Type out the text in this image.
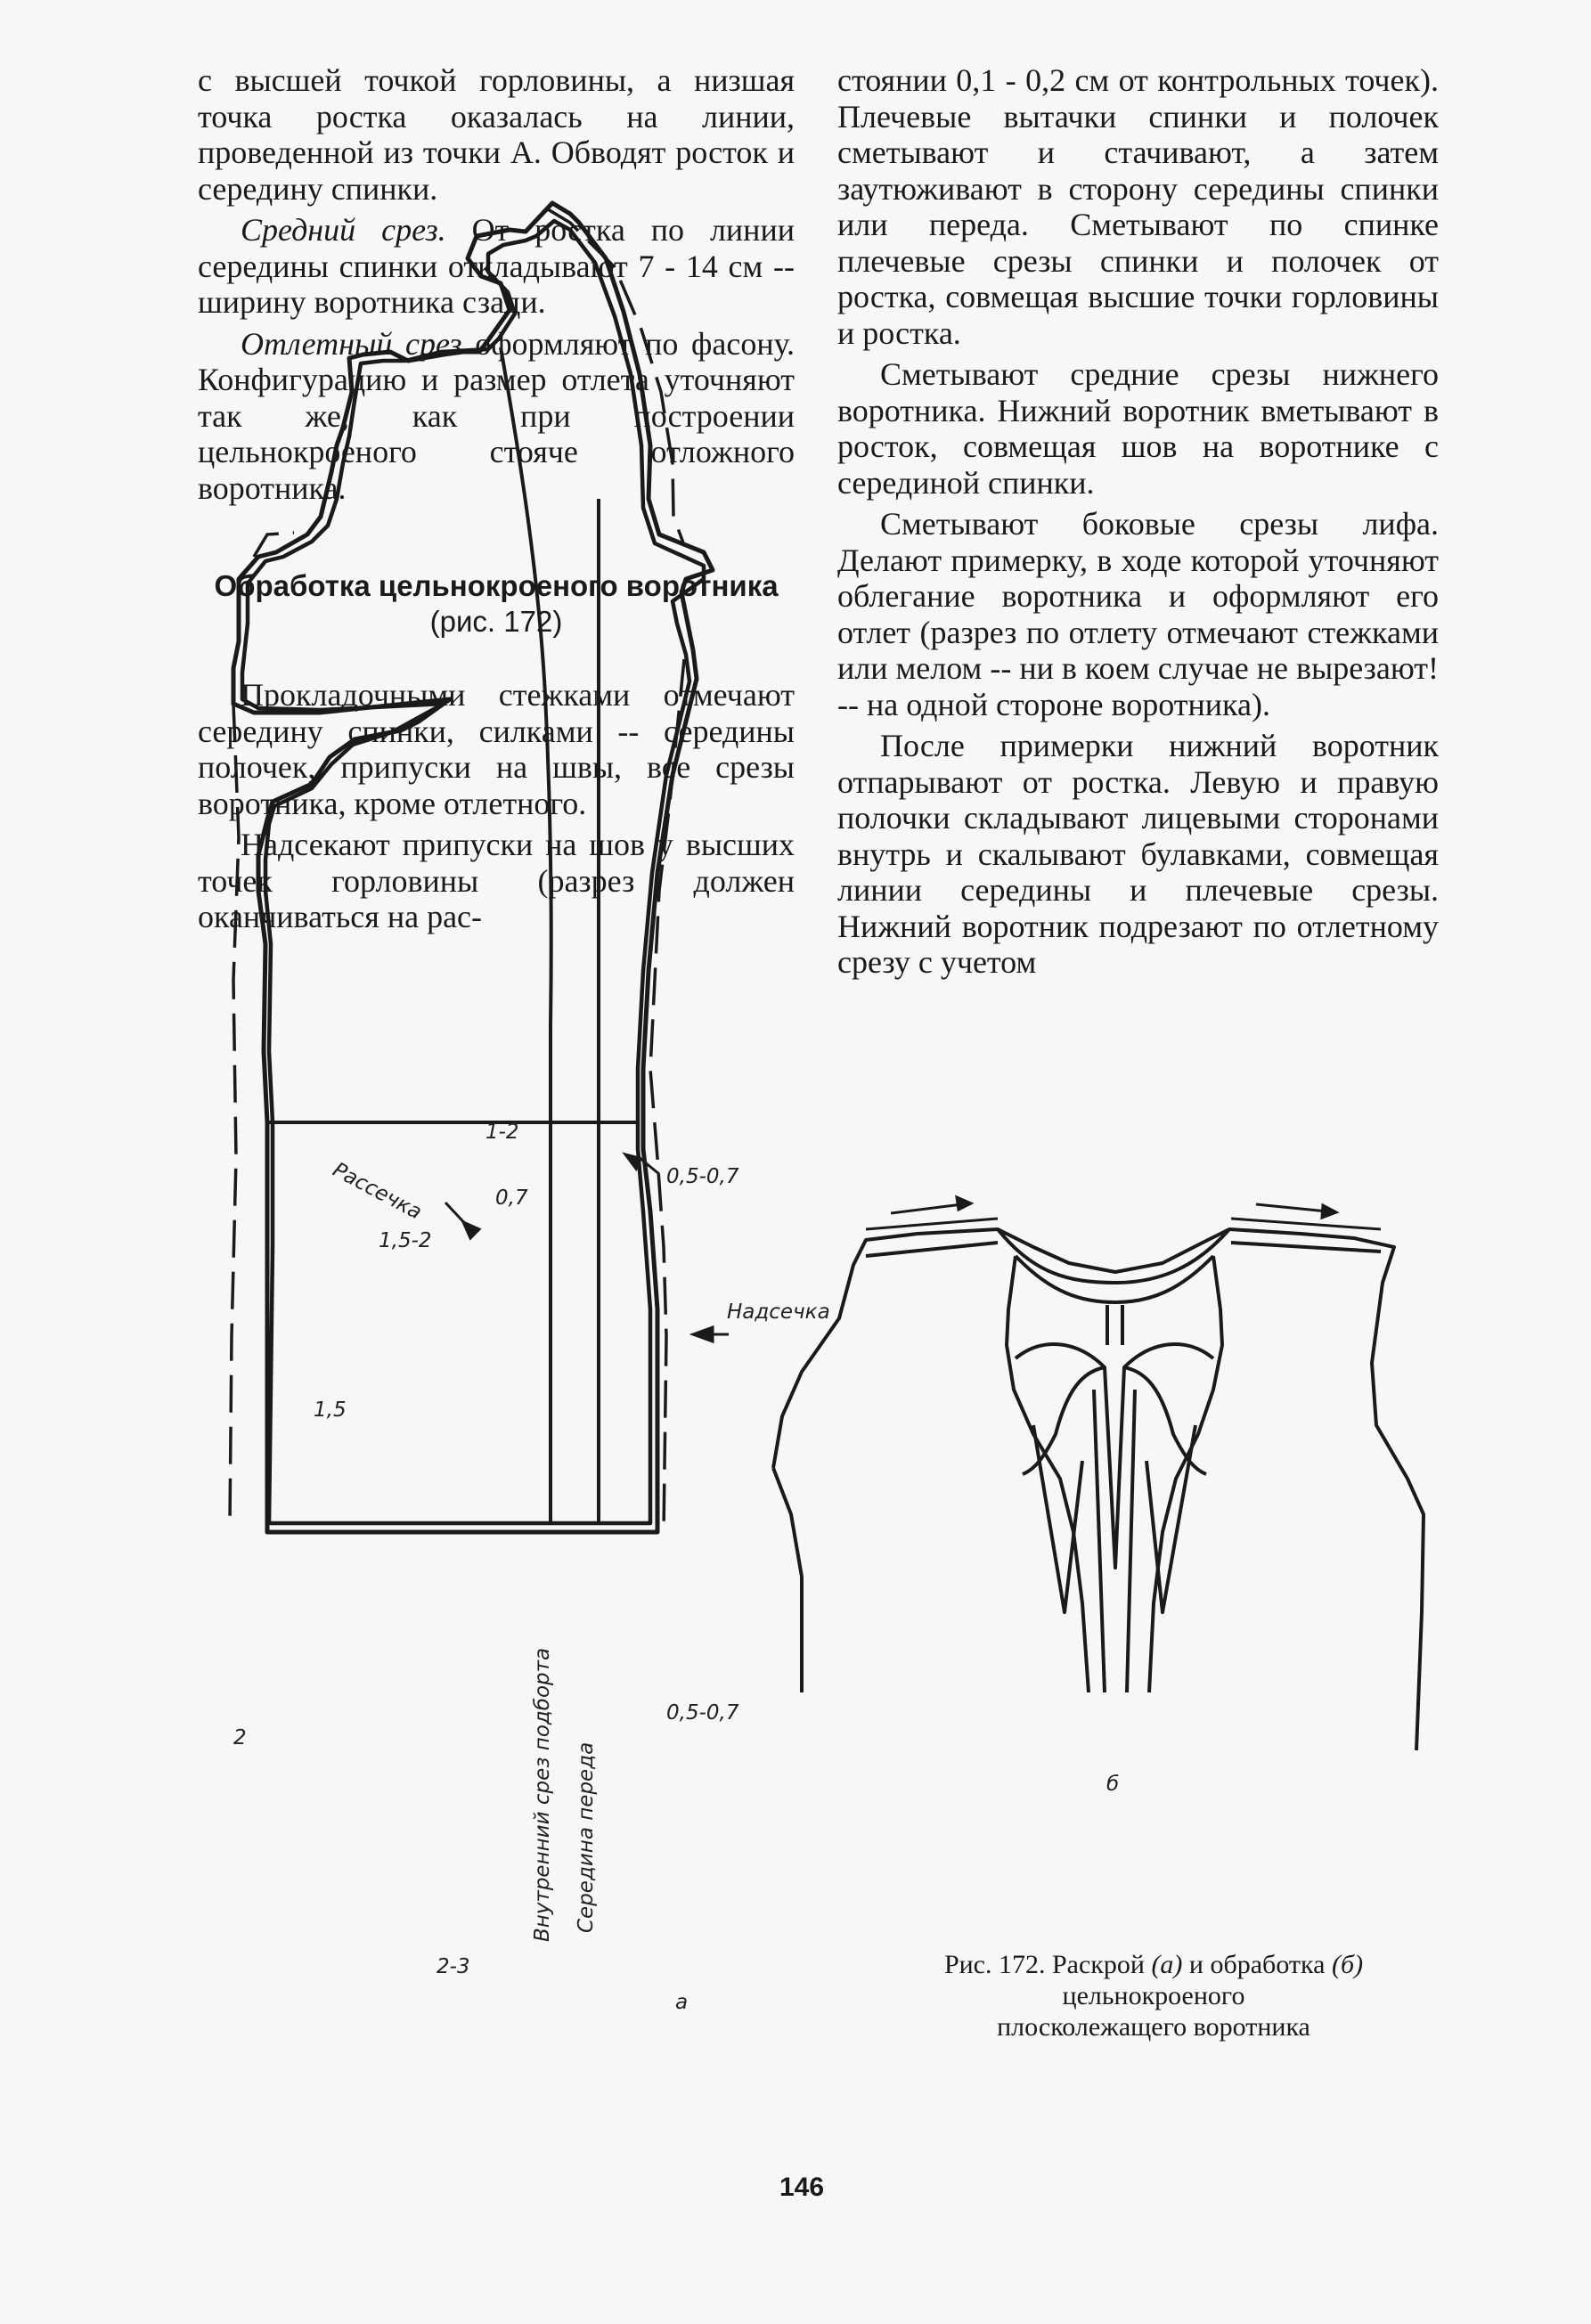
с высшей точкой горловины, а низшая точка ростка оказалась на линии, проведенной из точки А. Обводят росток и середину спинки.

Средний срез. От ростка по линии середины спинки откладывают 7 - 14 см -- ширину воротника сзади.

Отлетный срез оформляют по фасону. Конфигурацию и размер отлета уточняют так же, как при построении цельнокроеного стояче отложного воротника.

Обработка цельнокроеного воротника (рис. 172)

Прокладочными стежками отмечают середину спинки, силками -- середины полочек, припуски на швы, все срезы воротника, кроме отлетного.

Надсекают припуски на шов у высших точек горловины (разрез должен оканчиваться на рас-

стоянии 0,1 - 0,2 см от контрольных точек). Плечевые вытачки спинки и полочек сметывают и стачивают, а затем заутюживают в сторону середины спинки или переда. Сметывают по спинке плечевые срезы спинки и полочек от ростка, совмещая высшие точки горловины и ростка.

Сметывают средние срезы нижнего воротника. Нижний воротник вметывают в росток, совмещая шов на воротнике с серединой спинки.

Сметывают боковые срезы лифа. Делают примерку, в ходе которой уточняют облегание воротника и оформляют его отлет (разрез по отлету отмечают стежками или мелом -- ни в коем случае не вырезают! -- на одной стороне воротника).

После примерки нижний воротник отпарывают от ростка. Левую и правую полочки складывают лицевыми сторонами внутрь и скалывают булавками, совмещая линии середины и плечевые срезы. Нижний воротник подрезают по отлетному срезу с учетом

Рассечка
1-2
0,7
1,5-2
0,5-0,7
Надсечка
1,5
2
0,5-0,7
Внутренний срез подборта Середина переда
2-3
а
б
Рис. 172. Раскрой (а) и обработка (б)
цельнокроеного
плосколежащего воротника
146
